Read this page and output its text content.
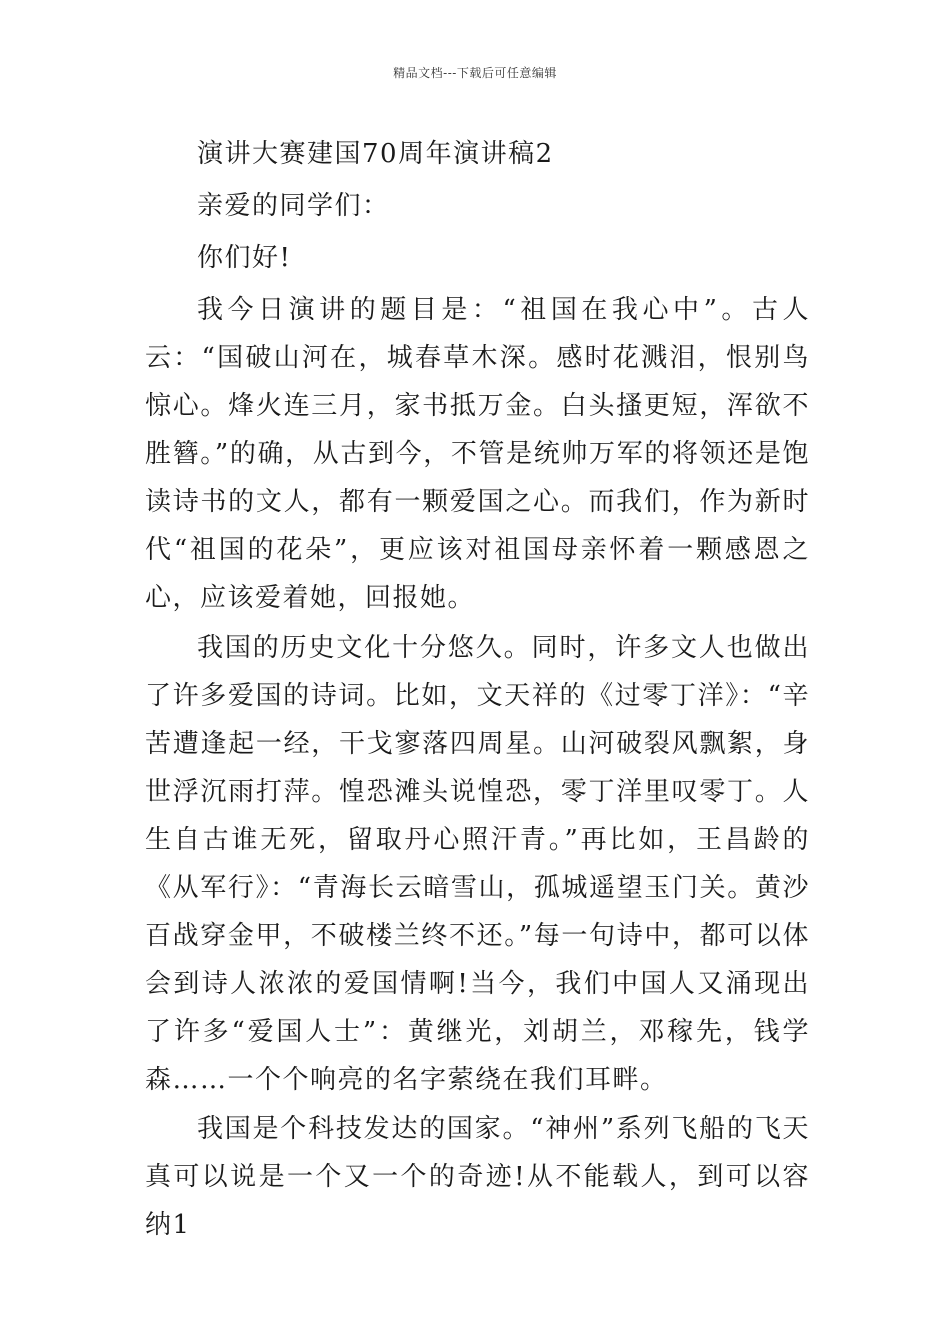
精品文档---下载后可任意编辑

演讲大赛建国70周年演讲稿2

亲爱的同学们：

你们好!

我今日演讲的题目是：“祖国在我心中”。古人云：“国破山河在，城春草木深。感时花溅泪，恨别鸟惊心。烽火连三月，家书抵万金。白头搔更短，浑欲不胜簪。”的确，从古到今，不管是统帅万军的将领还是饱读诗书的文人，都有一颗爱国之心。而我们，作为新时代“祖国的花朵”，更应该对祖国母亲怀着一颗感恩之心，应该爱着她，回报她。

我国的历史文化十分悠久。同时，许多文人也做出了许多爱国的诗词。比如，文天祥的《过零丁洋》：“辛苦遭逢起一经，干戈寥落四周星。山河破裂风飘絮，身世浮沉雨打萍。惶恐滩头说惶恐，零丁洋里叹零丁。人生自古谁无死，留取丹心照汗青。”再比如，王昌龄的《从军行》：“青海长云暗雪山，孤城遥望玉门关。黄沙百战穿金甲，不破楼兰终不还。”每一句诗中，都可以体会到诗人浓浓的爱国情啊!当今，我们中国人又涌现出了许多“爱国人士”：黄继光，刘胡兰，邓稼先，钱学森……一个个响亮的名字萦绕在我们耳畔。

我国是个科技发达的国家。“神州”系列飞船的飞天真可以说是一个又一个的奇迹!从不能载人，到可以容纳1
